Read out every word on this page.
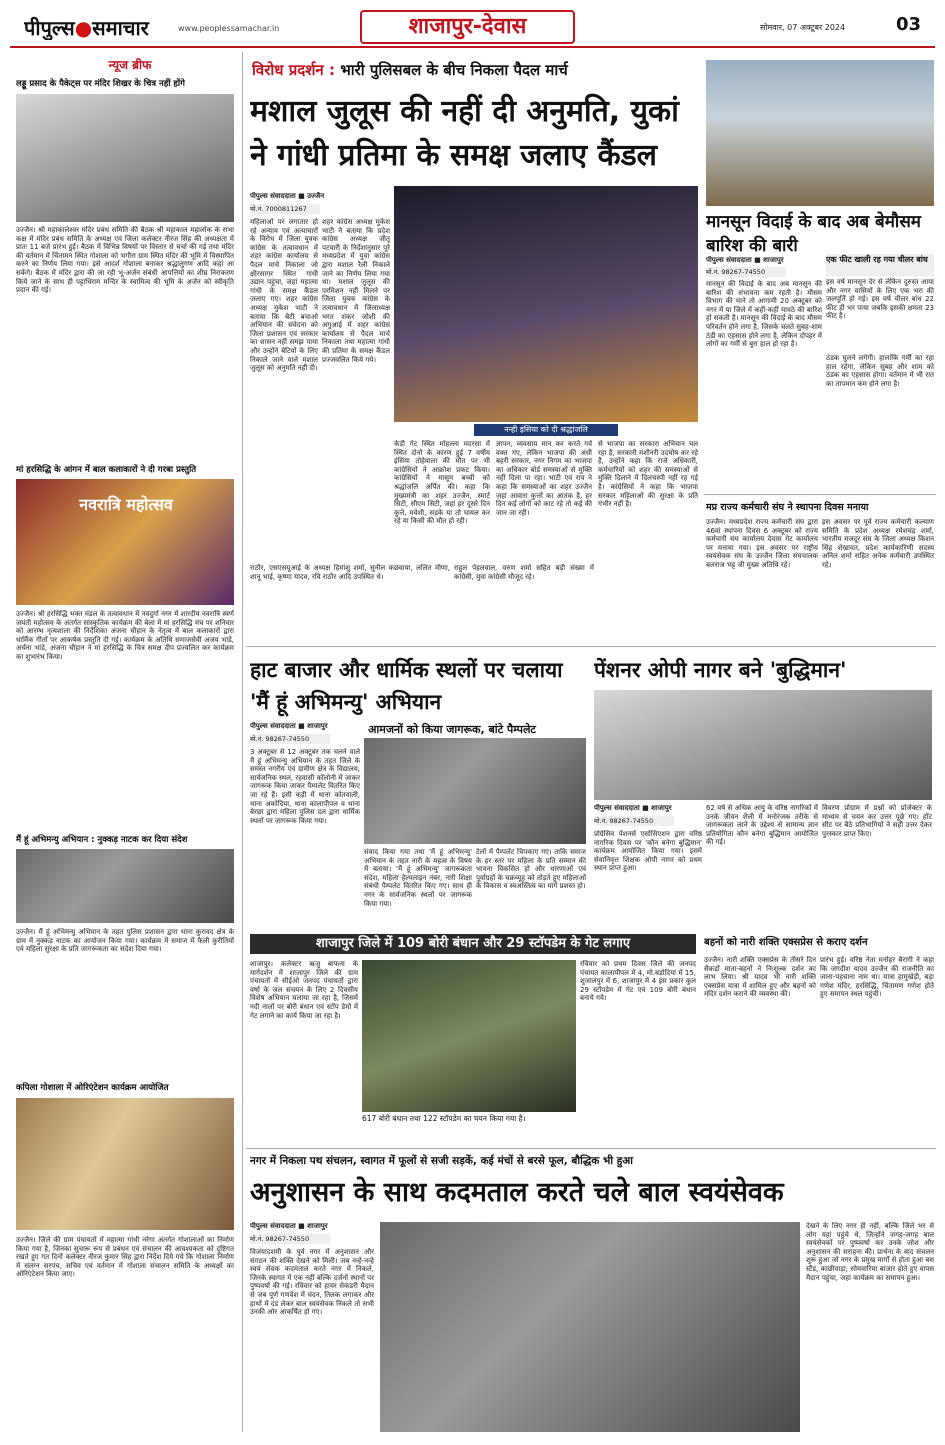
पीपुल्स●समाचार	www.peoplessamachar.in	शाजापुर-देवास	सोमवार, 07 अक्टूबर 2024	03
न्यूज ब्रीफ
लड्डू प्रसाद के पैकेट्स पर मंदिर शिखर के चित्र नहीं होंगे
उज्जैन। श्री महाकालेश्वर मंदिर प्रबंध समिति की बैठक श्री महाकाल महालोक के सभा कक्ष में मंदिर प्रबंध समिति के अध्यक्ष एवं जिला कलेक्टर नीरज सिंह की अध्यक्षता में प्रातः 11 बजे प्रारंभ हुई। बैठक में विभिन्न विषयों पर विस्तार से चर्चा की गई तथा मंदिर की वर्तमान में चिंतामन स्थित गोशाला को भगौरा ग्राम स्थित मंदिर की भूमि में विस्थापित करने का निर्णय लिया गया। इसे आदर्श गोशाला बनाकर श्रद्धालुगण आदि कहां आ सकेंगे। बैठक में मंदिर द्वारा की जा रही भू-अर्जन संबंधी आपत्तियों का शीघ्र निराकरण किये जाने के साथ ही पट्टाधिराम मन्दिर के स्वामित्व की भूमि के अर्जन को स्वीकृति प्रदान की गई।
मां हरसिद्धि के आंगन में बाल कलाकारों ने दी गरबा प्रस्तुति
नवरात्रि महोत्सव
उज्जैन। श्री हरसिद्धि भक्त मंडल के तत्वावधान में नवदुर्गा नगर में शारदीय नवरात्रि स्वर्ण जयंती महोत्सव के अंतर्गत सांस्कृतिक कार्यक्रम की बेला में मां हरसिद्धि मंच पर शनिवार को आरम्भ नृत्यशाला की निर्देशिका अंजना चौहान के नेतृत्व में बाल कलाकारों द्वारा धार्मिक गीतों पर आकर्षक प्रस्तुति दी गई। कार्यक्रम के अतिथि समाजसेवी अजय भांडे, अर्चना भांडे, अंजना चौहान ने मां हरसिद्धि के चित्र समक्ष दीप प्रज्वलित कर कार्यक्रम का शुभारंभ किया।
मैं हूं अभिमन्यु अभियान : नुक्कड़ नाटक कर दिया संदेश
उज्जैन। मैं हूं अभिमन्यु अभियान के तहत पुलिस प्रशासन द्वारा थाना कुरावद क्षेत्र के ग्राम में नुक्कड़ नाटक का आयोजन किया गया। कार्यक्रम में समाज में फैली कुरीतियों एवं महिला सुरक्षा के प्रति जागरूकता का संदेश दिया गया।
कपिला गोशाला में ओरिएंटेशन कार्यक्रम आयोजित
उज्जैन। जिले की ग्राम पंचायतों में महात्मा गांधी नरेगा अंतर्गत गोशालाओं का निर्माण किया गया है, जिनका सुचारू रूप से प्रबंधन एवं संचालन की आवश्यकता को दृष्टिगत रखते हुए गत दिनों कलेक्टर नीरज कुमार सिंह द्वारा निर्देश दिये गये कि गोशाला निर्माण में संलग्न सरपंच, सचिव एवं वर्तमान में गोशाला संचालन समिति के अध्यक्षों का ओरिएंटेशन किया जाए।
विरोध प्रदर्शन : भारी पुलिसबल के बीच निकला पैदल मार्च
मशाल जुलूस की नहीं दी अनुमति, युकां ने गांधी प्रतिमा के समक्ष जलाए कैंडल
पीपुल्स संवाददाता ■ उज्जैन
मो.नं. 7000811267
महिलाओं पर लगातार हो रहे अन्याय एवं अत्याचारों के विरोध में जिला युवक कांग्रेस के तत्वावधान में शहर कांग्रेस कार्यालय से पैदल मार्च निकाला जो क्षीरसागर स्थित गांधी उद्यान पहुंचा, जहां महात्मा गांधी के समक्ष कैंडल जलाए गए। शहर कांग्रेस अध्यक्ष मुकेश भाटी ने बताया कि बेटी बचाओ अभियान की संवेदना को जिला प्रशासन एवं सरकार का शासन नहीं समझ पाया और उन्होंने बेटियों के लिए निकाले जाने वाले मशाल जुलूस को अनुमति नहीं दी।
शहर कांग्रेस अध्यक्ष मुकेश भाटी ने बताया कि प्रदेश कांग्रेस अध्यक्ष जीतू पटवारी के निर्देशानुसार पूरे मध्यप्रदेश में युवा कांग्रेस द्वारा मशाल रैली निकाले जाने का निर्णय लिया गया था। मशाल जुलूस की परमिशन नहीं मिलने पर जिला युवक कांग्रेस के तत्वावधान में जिलाध्यक्ष भरत शंकर जोशी की अगुआई में शहर कांग्रेस कार्यालय से पैदल मार्च निकाला तथा महात्मा गांधी की प्रतिमा के समक्ष कैंडल प्रज्जवलित किये गये।
नन्ही इंसिया को दी श्रद्धांजलि
केडी गेट स्थित मोहल्ला मदरसा में स्थित दोनों के कारण हुई 7 वर्षीय इंसिया तोहेवाला की मौत पर भी कांग्रेसियों ने आक्रोश प्रकट किया। कांग्रेसियों ने मासूम बच्ची को श्रद्धांजलि अर्पित की। कहा कि मुख्यमंत्री का शहर उज्जैन, स्मार्ट सिटी, सीएम सिटी, जहां हर दूसरे दिन कुत्ते, मवेशी, सड़के या तो घायल कर रहे या किसी की मौत हो रही।
ज्ञापन, व्यवसाय मान कर करते गर्व वक्त गए, लेकिन भाजपा की अंधी बहरी सरकार, नगर निगम का भाजपा का अधिकार बोर्ड समस्याओं से मुक्ति नहीं दिला पा रहा। भाटी एवं राय ने कहा कि समस्याओं का शहर उज्जैन जहां आवारा कुत्तों का आतंक है, हर दिन कई लोगों को काट रहे तो कई की जान जा रही।
से भाजपा का सरकारा अभियान चल रहा है, सरकारी मशीनरी उदघोष कर रहे है, उन्होंने कहा कि राजे अधिकारी, कर्मचारियों को शहर की समस्याओं से मुक्ति दिलाने में दिलचस्पी नहीं रह गई है। कांग्रेसियों ने कहा कि भाजपा सरकार महिलाओं की सुरक्षा के प्रति गंभीर नहीं है।
राठौर, एसएसयूआई के अध्यक्ष हिमांशु शर्मा, सुनील कछवाया, ललित मीणा, शानू भाई, कृष्णा यादव, रवि राठौर आदि उपस्थित थे।
राहुल पेहलवाल, वरुण शर्मा सहित बड़ी संख्या में कांग्रेसी, युवा कांग्रेसी मौजूद रहे।
मानसून विदाई के बाद अब बेमौसम बारिश की बारी
पीपुल्स संवाददाता ■ शाजापुर
मो.नं. 98267-74550
मानसून की विदाई के बाद अब मानसून की बारिश की संभावना कम रहती है। मौसम विभाग की माने तो आगामी 20 अक्टूबर को नगर में या जिले में कहीं-कहीं मावठे की बारिश हो सकती है। मानसून की विदाई के बाद मौसम परिवर्तन होने लगा है, जिसके चलते सुबह-शाम ठंडी का एहसास होने लगा है, लेकिन दोपहर में लोगों का गर्मी से बुरा हाल हो रहा है।
एक फीट खाली रह गया चीलर बांध
इस वर्ष मानसून देर से लेकिन दुरुस्त आया और नगर वासियों के लिए एक भरा की जलपूर्ति हो गई। इस वर्ष चीलर बांध 22 फीट ही भर पाया जबकि इसकी क्षमता 23 फीट है।
ठंडक घुलने लगेगी। हालांकि गर्मी का रहा हाल रहेगा, लेकिन सुबह और शाम को ठंडक का एहसास होगा। वर्तमान में भी रात का तापमान कम होने लगा है।
मप्र राज्य कर्मचारी संघ ने स्थापना दिवस मनाया
उज्जैन। मध्यप्रदेश राज्य कर्मचारी संघ द्वारा 46वां स्थापना दिवस 6 अक्टूबर को राज्य कर्मचारी संघ कार्यालय देवास गेट कार्यालय पर मनाया गया। इस अवसर पर राष्ट्रीय स्वयंसेवक संघ के उज्जैन जिला संघचालक बलराज भट्ट जी मुख्य अतिथि रहे।
इस अवसर पर पूर्व राज्य कर्मचारी कल्याण समिति के प्रदेश अध्यक्ष रमेशचंद्र शर्मा, भारतीय मजदूर संघ के जिला अध्यक्ष किशन सिंह शेखावत, प्रदेश कार्यकारिणी सदस्य अनिल शर्मा सहित अनेक कर्मचारी उपस्थित रहे।
हाट बाजार और धार्मिक स्थलों पर चलाया 'मैं हूं अभिमन्यु' अभियान
पीपुल्स संवाददाता ■ शाजापुर
मो.नं. 98267-74550
आमजनों को किया जागरूक, बांटे पैम्पलेट
3 अक्टूबर से 12 अक्टूबर तक चलने वाले मैं हूं अभिमन्यु अभियान के तहत जिले के समस्त नगरीय एवं ग्रामीण क्षेत्र के विद्यालय, सार्वजनिक स्थल, रहवासी कॉलोनी में जाकर जागरूक किया जाकर पैम्पलेट वितरित किए जा रहे हैं। इसी कड़ी में थाना कोतवाली, थाना अकोदिया, थाना कालापीपल व थाना बेरछा द्वारा महिला पुलिस दल द्वारा धार्मिक स्थलों पर जागरूक किया गया।
संवाद किया गया तथा 'मैं हूं अभिमन्यु' अभियान के तहत नारी के महत्व के विषय में बताया। 'मैं हूं अभिमन्यु' जागरूकता संदेश, महिला हेल्पलाइन नंबर, नारी शिक्षा संबंधी पैम्पलेट वितरित किए गए। साथ ही नगर के सार्वजनिक स्थलों पर जागरूक किया गया।
टेलों में पैम्पलेट चिपकाए गए। ताकि समाज के हर स्तर पर महिला के प्रति सम्मान की भावना विकसित हो और धारणाओं एवं पूर्वाग्रहों के चक्रव्यूह को तोड़ते हुए महिलाओं के विकास व स्वअस्तित्व का मार्ग प्रशस्त हो।
पेंशनर ओपी नागर बने 'बुद्धिमान'
पीपुल्स संवाददाता ■ शाजापुर
मो.नं. 98267-74550
प्रोग्रेसिव पेंशनर्स एसोसिएशन द्वारा वरिष्ठ नागरिक दिवस पर 'कौन बनेगा बुद्धिमान' कार्यक्रम आयोजित किया गया। इसमें सेवानिवृत्त शिक्षक ओपी नागर को प्रथम स्थान प्राप्त हुआ।
62 वर्ष से अधिक आयु के वरिष्ठ नागरिकों में उनके जीवन शैली में मनोरंजक तरीके से जागरूकता लाने के उद्देश्य से सामान्य ज्ञान प्रतियोगिता कौन बनेगा बुद्धिमान आयोजित की गई।
विवरण प्रोग्राम में प्रश्नों को प्रोजेक्टर के माध्यम से चयन कर उत्तर पूछे गए। हॉट सीट पर बैठे प्रतिभागियों ने सही उत्तर देकर पुरस्कार प्राप्त किए।
शाजापुर जिले में 109 बोरी बंधान और 29 स्टॉपडेम के गेट लगाए
शाजापुर। कलेक्टर ऋजु बाफना के मार्गदर्शन में शाजापुर जिले की ग्राम पंचायतों में सीईओ जनपद पंचायतों द्वारा वर्षा के जल संचयन के लिए 2 दिवसीय विशेष अभियान चलाया जा रहा है, जिसमें नदी नालों पर बोरी बंधान एवं स्टॉप डेमों में गेट लगाने का कार्य किया जा रहा है।
617 बोरी बंधान तथा 122 स्टॉपडेम का चयन किया गया है।
रविवार को प्रथम दिवस जिले की जनपद पंचायत कालापीपल में 4, मो.बड़ोदिया में 15, शुजालपुर में 6, शाजापुर में 4 इस प्रकार कुल 29 स्टॉपडेम में गेट एवं 109 बोरी बंधान बनाये गये।
बहनों को नारी शक्ति एक्सप्रेस से कराए दर्शन
उज्जैन। नारी शक्ति एक्सप्रेस के तीसरे दिन सैकड़ों माता-बहनों ने निःशुल्क दर्शन का लाभ लिया। श्री यादव भी नारी शक्ति एक्सप्रेस यात्रा में शामिल हुए और बहनों को मंदिर दर्शन कराने की व्यवस्था की।
प्रारंभ हुई। वरिष्ठ नेता मनोहर बैरागी ने कहा कि जगदीश यादव उज्जैन की राजनीति का जाना-पहचाना नाम था। यात्रा हामुखेड़ी, बड़ा गणेश मंदिर, हरसिद्धि, चिंतामण गणेश होते हुए समापन स्थल पहुंची।
नगर में निकला पथ संचलन, स्वागत में फूलों से सजी सड़कें, कई मंचों से बरसे फूल, बौद्धिक भी हुआ
अनुशासन के साथ कदमताल करते चले बाल स्वयंसेवक
पीपुल्स संवाददाता ■ शाजापुर
मो.नं. 98267-74550
विजयादशमी के पूर्व नगर में अनुशासन और संगठन की शक्ति देखने को मिली। जब नन्हे-नन्हे स्वयं सेवक कदमताल करते नगर में निकले, जिनके स्वागत में एक नहीं बल्कि दर्जनों स्थानों पर पुष्पवर्षा की गई। रविवार को हायर सेकंडरी मैदान से जब पूर्ण गणवेश में चंदन, तिलक लगाकर और हाथों में दंड लेकर बाल स्वयंसेवक निकले तो सभी उनकी ओर आकर्षित हो गए।
देखने के लिए नगर ही नहीं, बल्कि जिले भर से लोग यहां पहुंचे थे, जिन्होंने जगह-जगह बाल स्वयंसेवकों पर पुष्पवर्षा कर उनके जोश और अनुशासन की सराहना की। प्रार्थना के बाद संचलन शुरू हुआ जो नगर के प्रमुख मार्गों से होता हुआ बस स्टैंड, काछीवाड़ा, सोमवारिया बाजार होते हुए वापस मैदान पहुंचा, जहां कार्यक्रम का समापन हुआ।
